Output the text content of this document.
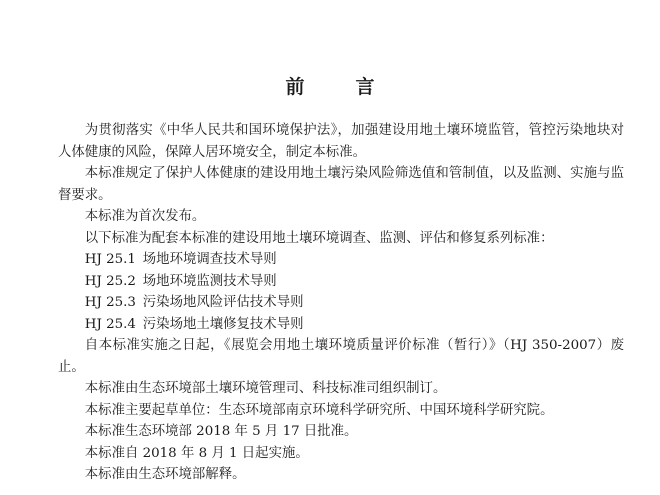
前　言

为贯彻落实《中华人民共和国环境保护法》，加强建设用地土壤环境监管，管控污染地块对人体健康的风险，保障人居环境安全，制定本标准。

本标准规定了保护人体健康的建设用地土壤污染风险筛选值和管制值，以及监测、实施与监督要求。

本标准为首次发布。

以下标准为配套本标准的建设用地土壤环境调查、监测、评估和修复系列标准：

HJ 25.1 场地环境调查技术导则

HJ 25.2 场地环境监测技术导则

HJ 25.3 污染场地风险评估技术导则

HJ 25.4 污染场地土壤修复技术导则

自本标准实施之日起，《展览会用地土壤环境质量评价标准（暂行）》（HJ 350-2007）废止。

本标准由生态环境部土壤环境管理司、科技标准司组织制订。

本标准主要起草单位：生态环境部南京环境科学研究所、中国环境科学研究院。

本标准生态环境部 2018 年 5 月 17 日批准。

本标准自 2018 年 8 月 1 日起实施。

本标准由生态环境部解释。
